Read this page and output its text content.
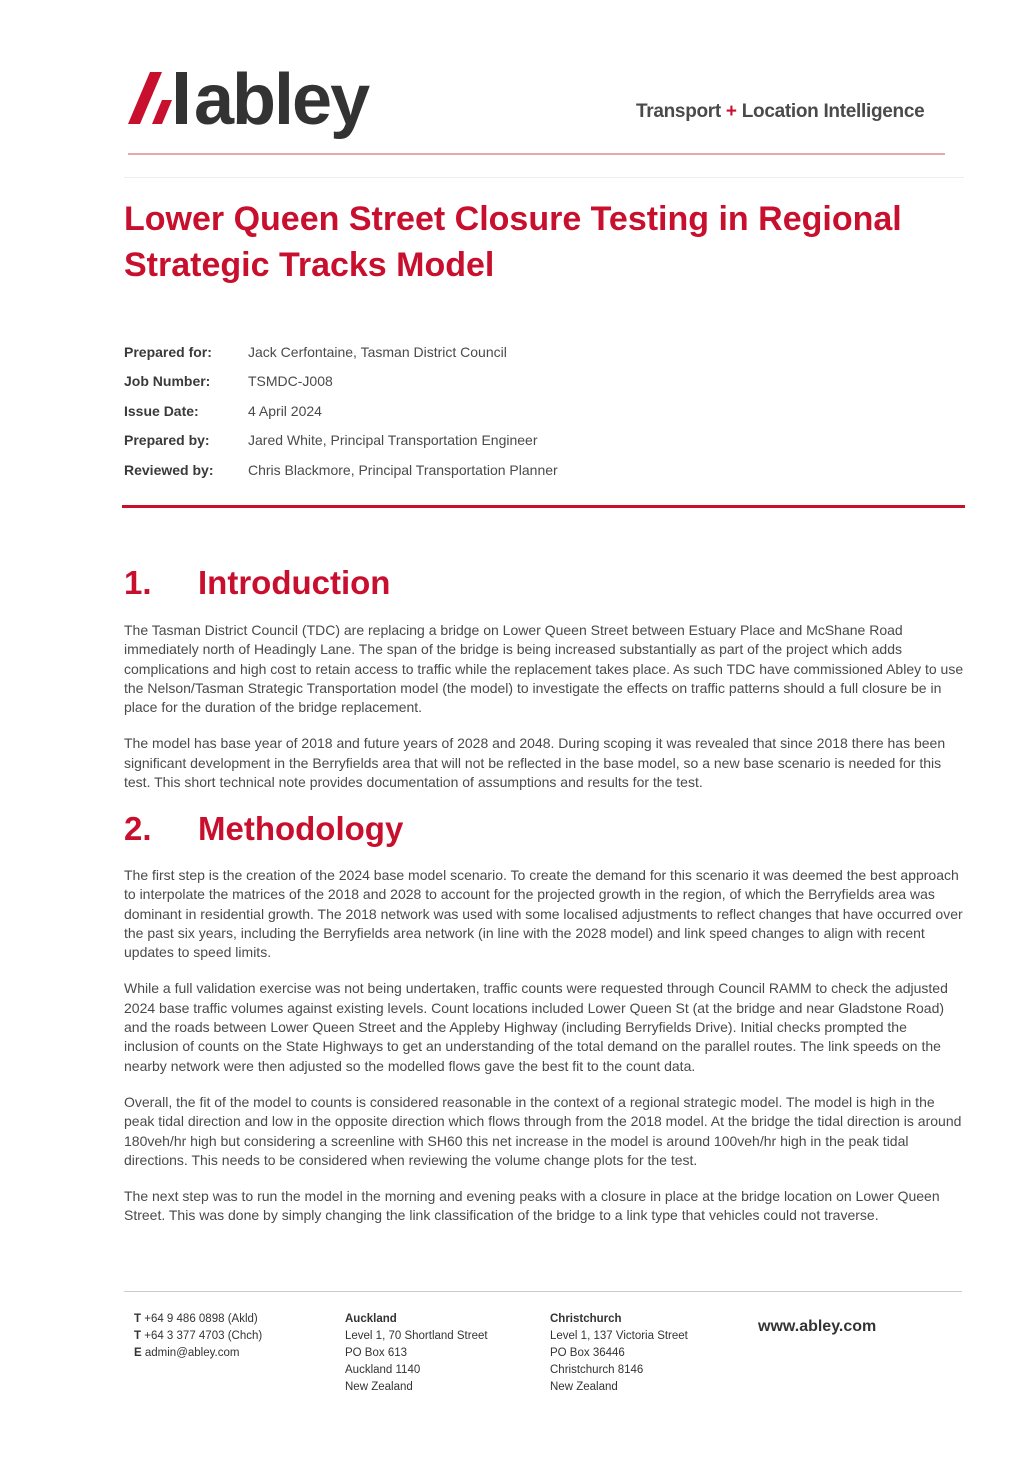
abley	Transport + Location Intelligence
Lower Queen Street Closure Testing in Regional Strategic Tracks Model
Prepared for:	Jack Cerfontaine, Tasman District Council
Job Number:	TSMDC-J008
Issue Date:	4 April 2024
Prepared by:	Jared White, Principal Transportation Engineer
Reviewed by:	Chris Blackmore, Principal Transportation Planner
1.	Introduction

The Tasman District Council (TDC) are replacing a bridge on Lower Queen Street between Estuary Place and McShane Road immediately north of Headingly Lane. The span of the bridge is being increased substantially as part of the project which adds complications and high cost to retain access to traffic while the replacement takes place. As such TDC have commissioned Abley to use the Nelson/Tasman Strategic Transportation model (the model) to investigate the effects on traffic patterns should a full closure be in place for the duration of the bridge replacement.

The model has base year of 2018 and future years of 2028 and 2048. During scoping it was revealed that since 2018 there has been significant development in the Berryfields area that will not be reflected in the base model, so a new base scenario is needed for this test. This short technical note provides documentation of assumptions and results for the test.

2.	Methodology

The first step is the creation of the 2024 base model scenario. To create the demand for this scenario it was deemed the best approach to interpolate the matrices of the 2018 and 2028 to account for the projected growth in the region, of which the Berryfields area was dominant in residential growth. The 2018 network was used with some localised adjustments to reflect changes that have occurred over the past six years, including the Berryfields area network (in line with the 2028 model) and link speed changes to align with recent updates to speed limits.

While a full validation exercise was not being undertaken, traffic counts were requested through Council RAMM to check the adjusted 2024 base traffic volumes against existing levels. Count locations included Lower Queen St (at the bridge and near Gladstone Road) and the roads between Lower Queen Street and the Appleby Highway (including Berryfields Drive). Initial checks prompted the inclusion of counts on the State Highways to get an understanding of the total demand on the parallel routes. The link speeds on the nearby network were then adjusted so the modelled flows gave the best fit to the count data.

Overall, the fit of the model to counts is considered reasonable in the context of a regional strategic model. The model is high in the peak tidal direction and low in the opposite direction which flows through from the 2018 model. At the bridge the tidal direction is around 180veh/hr high but considering a screenline with SH60 this net increase in the model is around 100veh/hr high in the peak tidal directions. This needs to be considered when reviewing the volume change plots for the test.

The next step was to run the model in the morning and evening peaks with a closure in place at the bridge location on Lower Queen Street. This was done by simply changing the link classification of the bridge to a link type that vehicles could not traverse.

T +64 9 486 0898 (Akld)
T +64 3 377 4703 (Chch)
E admin@abley.com
Auckland
Level 1, 70 Shortland Street
PO Box 613
Auckland 1140
New Zealand
Christchurch
Level 1, 137 Victoria Street
PO Box 36446
Christchurch 8146
New Zealand
www.abley.com
